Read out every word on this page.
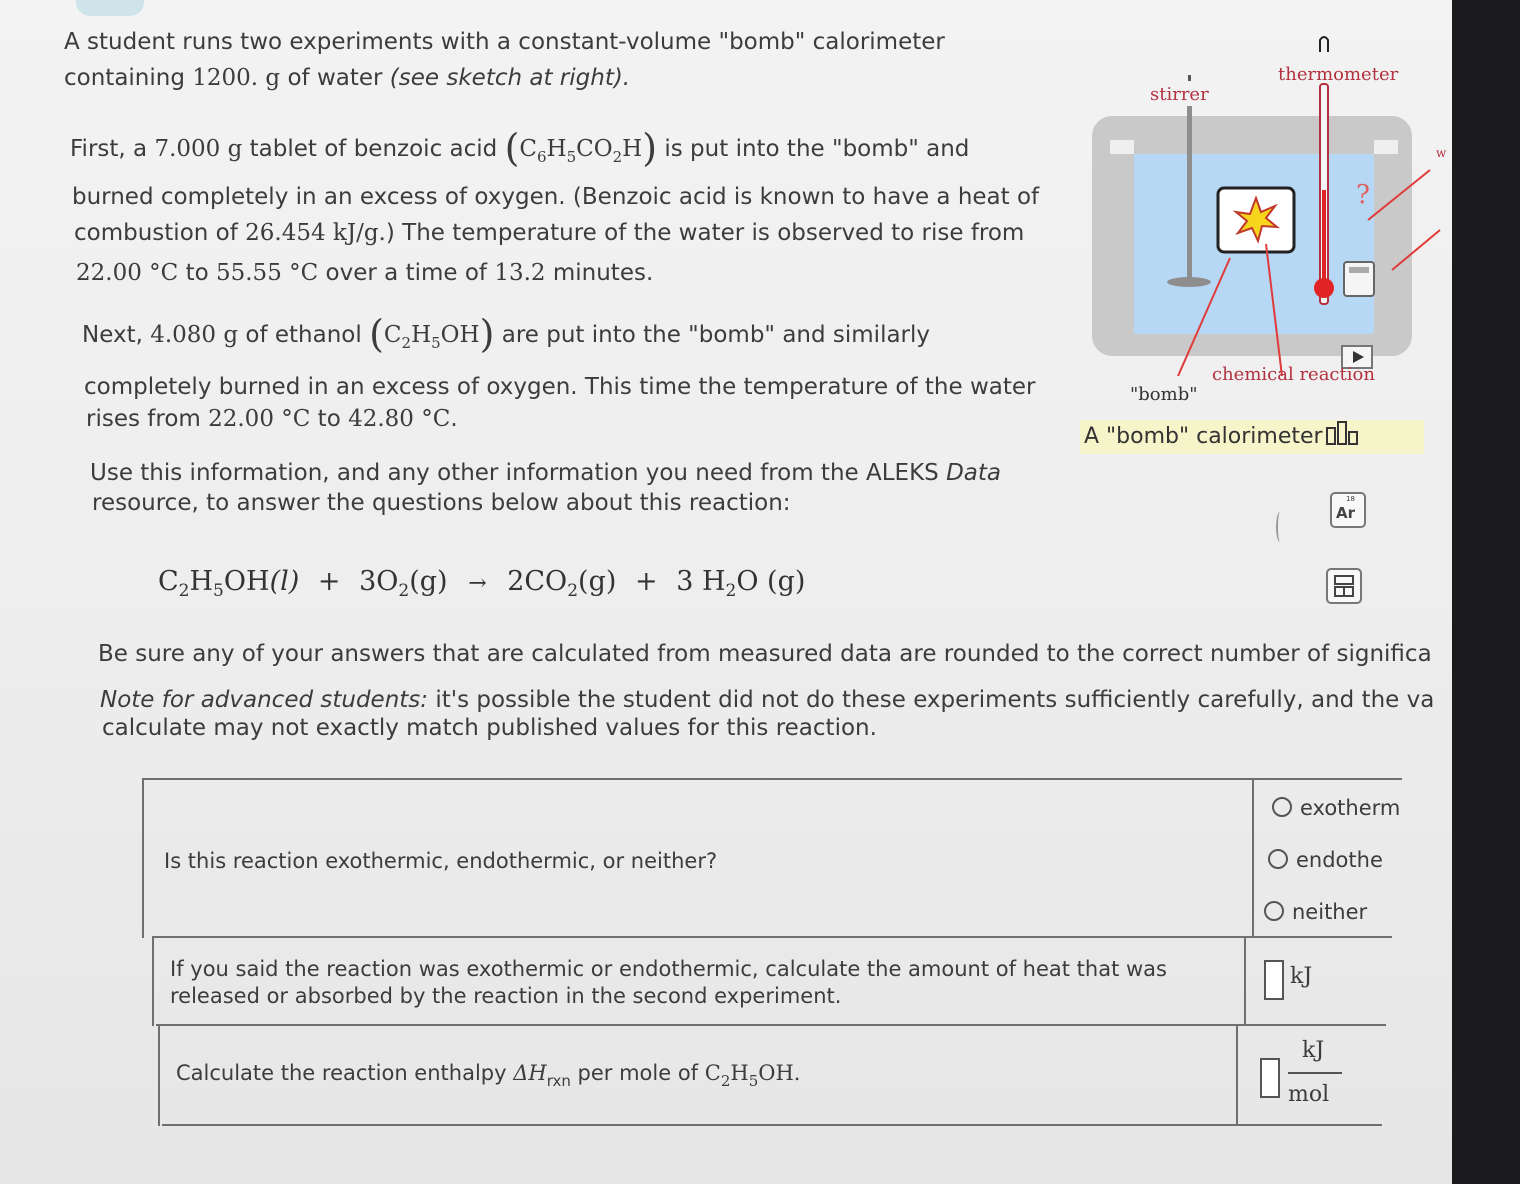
A student runs two experiments with a constant-volume "bomb" calorimeter
containing 1200. g of water (see sketch at right).
First, a 7.000 g tablet of benzoic acid $(C_6H_5CO_2H)$ is put into the "bomb" and
burned completely in an excess of oxygen. (Benzoic acid is known to have a heat of
combustion of 26.454 kJ/g.) The temperature of the water is observed to rise from
22.00 °C to 55.55 °C over a time of 13.2 minutes.
Next, 4.080 g of ethanol $(C_2H_5OH)$ are put into the "bomb" and similarly
completely burned in an excess of oxygen. This time the temperature of the water
rises from 22.00 °C to 42.80 °C.
Use this information, and any other information you need from the ALEKS Data
resource, to answer the questions below about this reaction:
$C_2H_5OH(l) + 3O_2(g) \to 2CO_2(g) + 3$ $H_2O$ (g)
Be sure any of your answers that are calculated from measured data are rounded to the correct number of significa
Note for advanced students: it's possible the student did not do these experiments sufficiently carefully, and the va
calculate may not exactly match published values for this reaction.
stirrer
thermometer
?
w
"bomb"
chemical reaction
A "bomb" calorimeter
18
Ar
Is this reaction exothermic, endothermic, or neither?
exotherm
endothe
neither
If you said the reaction was exothermic or endothermic, calculate the amount of heat that was
released or absorbed by the reaction in the second experiment.
kJ
Calculate the reaction enthalpy $\Delta H_{rxn}$ per mole of $C_2H_5OH$.
kJ
mol
